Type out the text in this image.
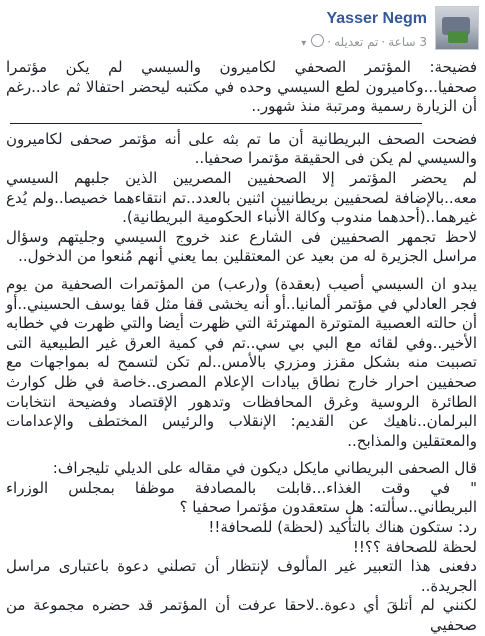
Yasser Negm
3 ساعة·تم تعديله·▾

فضيحة: المؤتمر الصحفي لكاميرون والسيسي لم يكن مؤتمرا صحفيا...وكاميرون لطع السيسي وحده في مكتبه ليحضر احتفالا ثم عاد..رغم أن الزيارة رسمية ومرتبة منذ شهور..

فضحت الصحف البريطانية أن ما تم بثه على أنه مؤتمر صحفى لكاميرون والسيسي لم يكن فى الحقيقة مؤتمرا صحفيا..

لم يحضر المؤتمر إلا الصحفيين المصريين الذين جلبهم السيسي معه..بالإضافة لصحفيين بريطانيين اثنين بالعدد..تم انتقاءهما خصيصا..ولم يُدع غيرهما..(أحدهما مندوب وكالة الأنباء الحكومية البريطانية).

لاحظ تجمهر الصحفيين فى الشارع عند خروج السيسي وجليتهم وسؤال مراسل الجزيرة له من بعيد عن المعتقلين بما يعني أنهم مُنعوا من الدخول..

يبدو ان السيسي أصيب (بعقدة) و(رعب) من المؤتمرات الصحفية من يوم فجر العادلي في مؤتمر ألمانيا..أو أنه يخشى قفا مثل قفا يوسف الحسيني..أو أن حالته العصبية المتوترة المهترئة التي ظهرت أيضا والتي ظهرت في خطابه الأخير..وفي لقائه مع البي بي سي..تم في كمية العرق غير الطبيعية التى تصببت منه بشكل مقزز ومزري بالأمس..لم تكن لتسمح له بمواجهات مع صحفيين احرار خارج نطاق بيادات الإعلام المصرى..خاصة في ظل كوارث الطائرة الروسية وغرق المحافظات وتدهور الإقتصاد وفضيحة انتخابات البرلمان..ناهيك عن القديم: الإنقلاب والرئيس المختطف والإعدامات والمعتقلين والمذابح..

قال الصحفى البريطاني مايكل ديكون في مقاله على الديلي تليجراف:
" في وقت الغذاء...قابلت بالمصادفة موظفا بمجلس الوزراء البريطاني..سألته: هل ستعقدون مؤتمرا صحفيا ؟
رد: ستكون هناك بالتأكيد (لحظة) للصحافة!!
لحظة للصحافة ؟؟!!
دفعنى هذا التعبير غير المألوف لإنتظار أن تصلني دعوة باعتبارى مراسل الجريدة..
لكنني لم أتلقَ أي دعوة..لاحقا عرفت أن المؤتمر قد حضره مجموعة من صحفيي
